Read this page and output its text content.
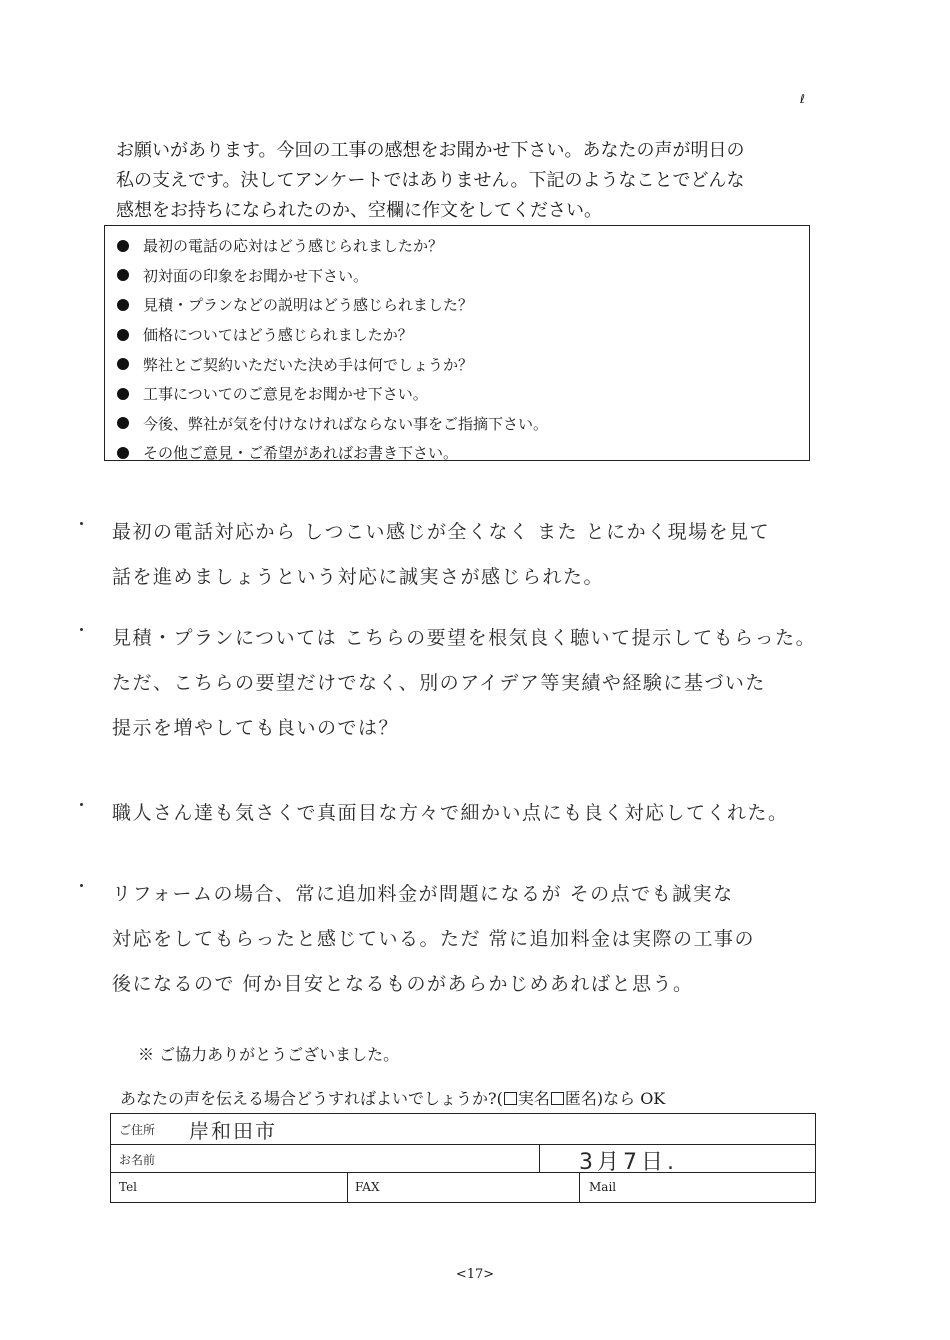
ℓ
お願いがあります。今回の工事の感想をお聞かせ下さい。あなたの声が明日の
私の支えです。決してアンケートではありません。下記のようなことでどんな
感想をお持ちになられたのか、空欄に作文をしてください。
最初の電話の応対はどう感じられましたか？
初対面の印象をお聞かせ下さい。
見積・プランなどの説明はどう感じられました？
価格についてはどう感じられましたか？
弊社とご契約いただいた決め手は何でしょうか？
工事についてのご意見をお聞かせ下さい。
今後、弊社が気を付けなければならない事をご指摘下さい。
その他ご意見・ご希望があればお書き下さい。
最初の電話対応から しつこい感じが全くなく また とにかく現場を見て
話を進めましょうという対応に誠実さが感じられた。
見積・プランについては こちらの要望を根気良く聴いて提示してもらった。
ただ、こちらの要望だけでなく、別のアイデア等実績や経験に基づいた
提示を増やしても良いのでは？
職人さん達も気さくで真面目な方々で細かい点にも良く対応してくれた。
リフォームの場合、常に追加料金が問題になるが その点でも誠実な
対応をしてもらったと感じている。ただ 常に追加料金は実際の工事の
後になるので 何か目安となるものがあらかじめあればと思う。
※ ご協力ありがとうございました。
あなたの声を伝える場合どうすればよいでしょうか?( 実名 匿名)なら OK
ご住所 岸和田市
お名前	3月7日.
Tel	FAX	Mail
<17>
